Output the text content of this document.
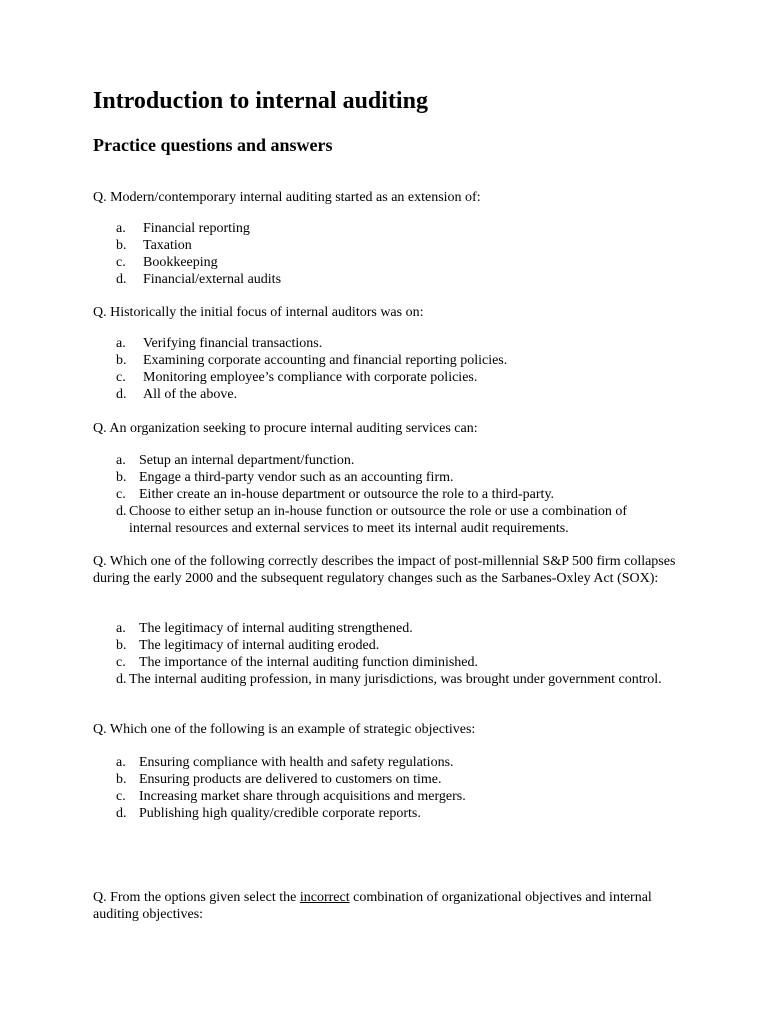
Introduction to internal auditing
Practice questions and answers

Q. Modern/contemporary internal auditing started as an extension of:

a. Financial reporting
b. Taxation
c. Bookkeeping
d. Financial/external audits

Q. Historically the initial focus of internal auditors was on:

a. Verifying financial transactions.
b. Examining corporate accounting and financial reporting policies.
c. Monitoring employee’s compliance with corporate policies.
d. All of the above.

Q. An organization seeking to procure internal auditing services can:

a. Setup an internal department/function.
b. Engage a third-party vendor such as an accounting firm.
c. Either create an in-house department or outsource the role to a third-party.
d. Choose to either setup an in-house function or outsource the role or use a combination of internal resources and external services to meet its internal audit requirements.

Q. Which one of the following correctly describes the impact of post-millennial S&P 500 firm collapses during the early 2000 and the subsequent regulatory changes such as the Sarbanes-Oxley Act (SOX):

a. The legitimacy of internal auditing strengthened.
b. The legitimacy of internal auditing eroded.
c. The importance of the internal auditing function diminished.
d. The internal auditing profession, in many jurisdictions, was brought under government control.

Q. Which one of the following is an example of strategic objectives:

a. Ensuring compliance with health and safety regulations.
b. Ensuring products are delivered to customers on time.
c. Increasing market share through acquisitions and mergers.
d. Publishing high quality/credible corporate reports.

Q. From the options given select the incorrect combination of organizational objectives and internal auditing objectives:
